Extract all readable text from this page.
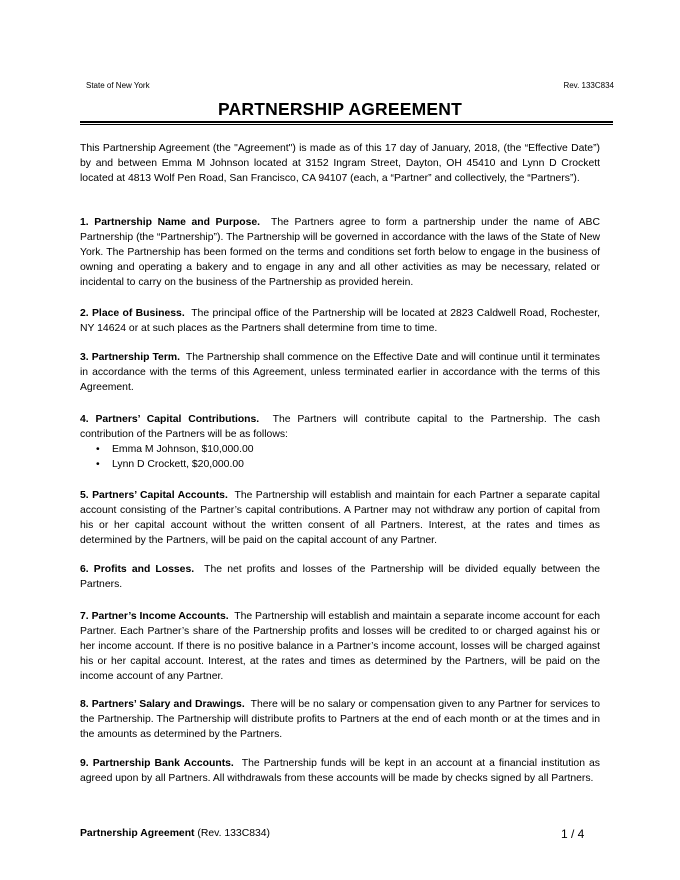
State of New York	Rev. 133C834
PARTNERSHIP AGREEMENT
This Partnership Agreement (the "Agreement") is made as of this 17 day of January, 2018, (the “Effective Date”) by and between Emma M Johnson located at 3152 Ingram Street, Dayton, OH 45410 and Lynn D Crockett located at 4813 Wolf Pen Road, San Francisco, CA 94107 (each, a “Partner” and collectively, the “Partners”).
1. Partnership Name and Purpose. The Partners agree to form a partnership under the name of ABC Partnership (the “Partnership”). The Partnership will be governed in accordance with the laws of the State of New York. The Partnership has been formed on the terms and conditions set forth below to engage in the business of owning and operating a bakery and to engage in any and all other activities as may be necessary, related or incidental to carry on the business of the Partnership as provided herein.
2. Place of Business. The principal office of the Partnership will be located at 2823 Caldwell Road, Rochester, NY 14624 or at such places as the Partners shall determine from time to time.
3. Partnership Term. The Partnership shall commence on the Effective Date and will continue until it terminates in accordance with the terms of this Agreement, unless terminated earlier in accordance with the terms of this Agreement.
4. Partners’ Capital Contributions. The Partners will contribute capital to the Partnership. The cash contribution of the Partners will be as follows:
• Emma M Johnson, $10,000.00
• Lynn D Crockett, $20,000.00
5. Partners’ Capital Accounts. The Partnership will establish and maintain for each Partner a separate capital account consisting of the Partner’s capital contributions. A Partner may not withdraw any portion of capital from his or her capital account without the written consent of all Partners. Interest, at the rates and times as determined by the Partners, will be paid on the capital account of any Partner.
6. Profits and Losses. The net profits and losses of the Partnership will be divided equally between the Partners.
7. Partner’s Income Accounts. The Partnership will establish and maintain a separate income account for each Partner. Each Partner’s share of the Partnership profits and losses will be credited to or charged against his or her income account. If there is no positive balance in a Partner’s income account, losses will be charged against his or her capital account. Interest, at the rates and times as determined by the Partners, will be paid on the income account of any Partner.
8. Partners’ Salary and Drawings. There will be no salary or compensation given to any Partner for services to the Partnership. The Partnership will distribute profits to Partners at the end of each month or at the times and in the amounts as determined by the Partners.
9. Partnership Bank Accounts. The Partnership funds will be kept in an account at a financial institution as agreed upon by all Partners. All withdrawals from these accounts will be made by checks signed by all Partners.
Partnership Agreement (Rev. 133C834)	1 / 4
